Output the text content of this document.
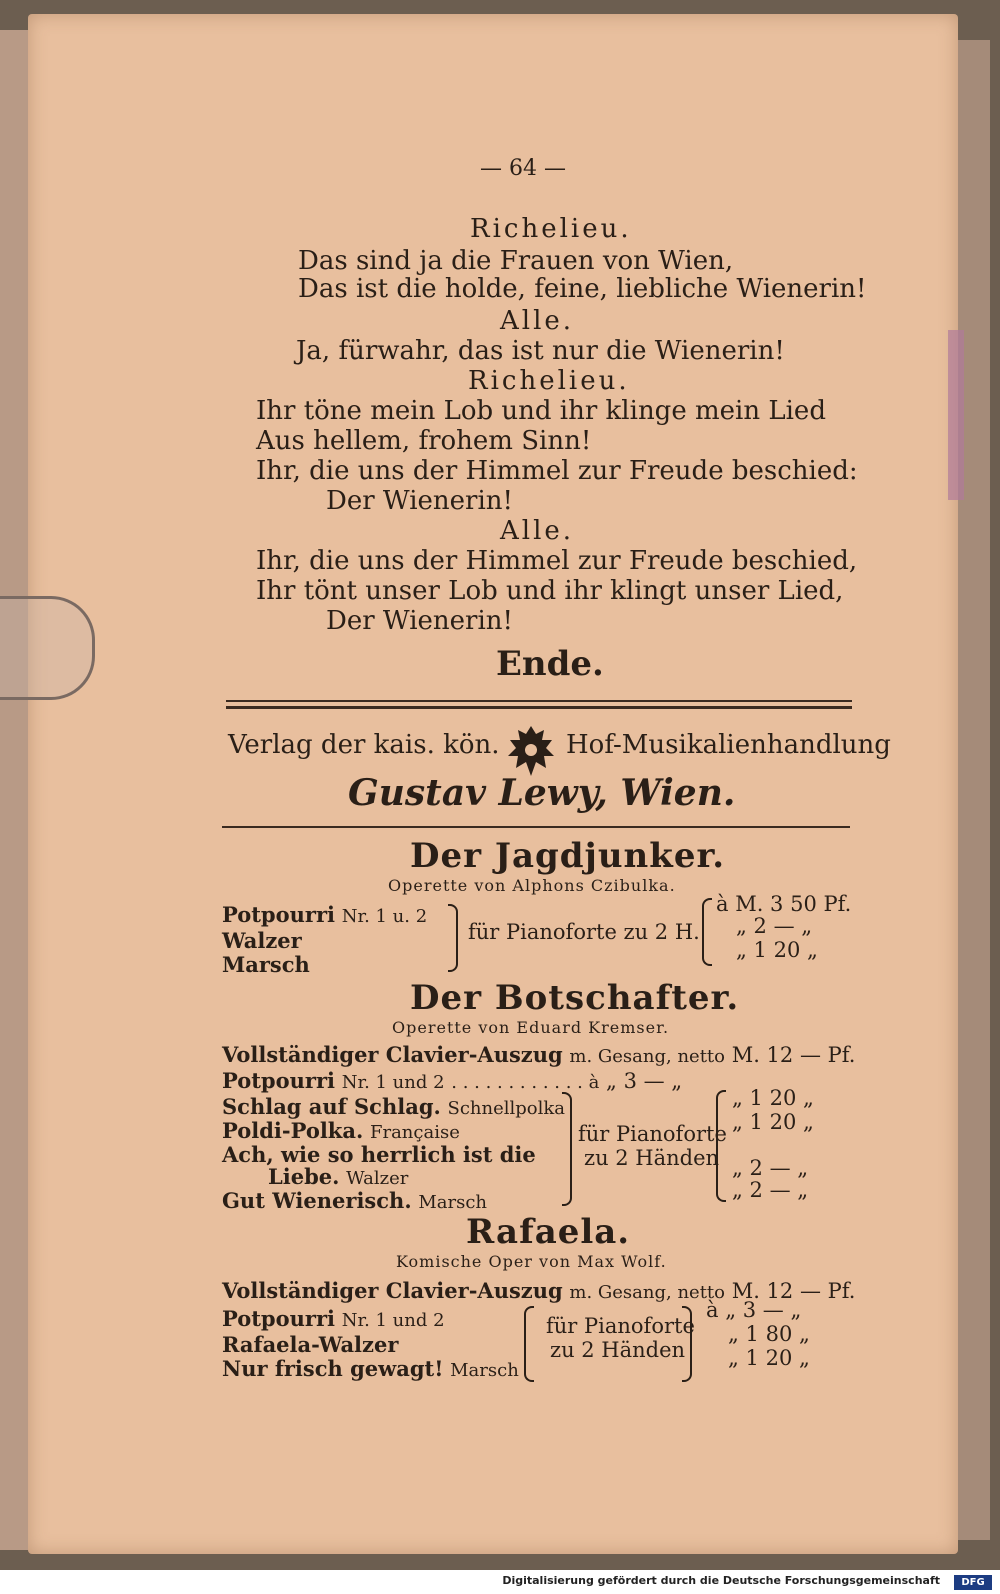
— 64 —
Richelieu.
Das sind ja die Frauen von Wien,
Das ist die holde, feine, liebliche Wienerin!
Alle.
Ja, fürwahr, das ist nur die Wienerin!
Richelieu.
Ihr töne mein Lob und ihr klinge mein Lied
Aus hellem, frohem Sinn!
Ihr, die uns der Himmel zur Freude beschied:
Der Wienerin!
Alle.
Ihr, die uns der Himmel zur Freude beschied,
Ihr tönt unser Lob und ihr klingt unser Lied,
Der Wienerin!
Ende.
Verlag der kais. kön.	Hof-Musikalienhandlung
Gustav Lewy, Wien.
Der Jagdjunker.
Operette von Alphons Czibulka.
Potpourri Nr. 1 u. 2
Walzer
Marsch
für Pianoforte zu 2 H.
à M. 3 50 Pf.
„ 2 — „
„ 1 20 „
Der Botschafter.
Operette von Eduard Kremser.
Vollständiger Clavier-Auszug m. Gesang, netto M. 12 — Pf.
Potpourri Nr. 1 und 2 . . . . . . . . . . . . à „ 3 — „
Schlag auf Schlag. Schnellpolka
Poldi-Polka. Française
Ach, wie so herrlich ist die
Liebe. Walzer
Gut Wienerisch. Marsch
für Pianoforte
zu 2 Händen
„ 1 20 „
„ 1 20 „
„ 2 — „
„ 2 — „
Rafaela.
Komische Oper von Max Wolf.
Vollständiger Clavier-Auszug m. Gesang, netto M. 12 — Pf.
Potpourri Nr. 1 und 2
Rafaela-Walzer
Nur frisch gewagt! Marsch
für Pianoforte
zu 2 Händen
à „ 3 — „
„ 1 80 „
„ 1 20 „
Digitalisierung gefördert durch die Deutsche Forschungsgemeinschaft	DFG
